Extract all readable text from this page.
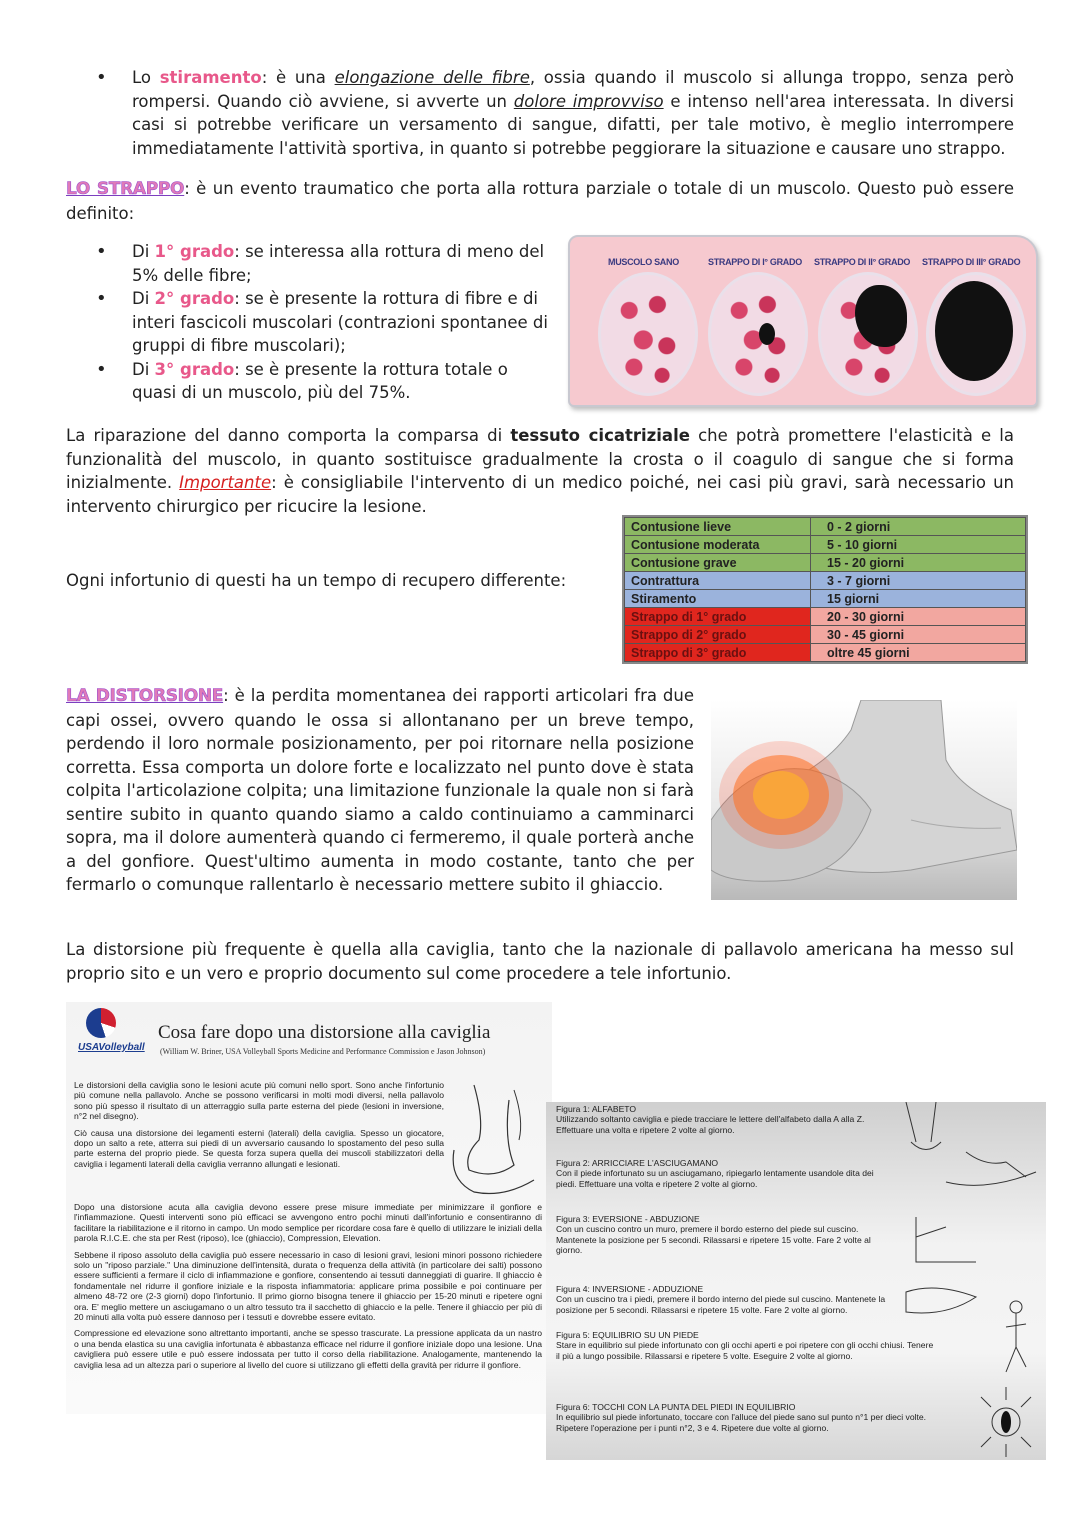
• Lo stiramento: è una elongazione delle fibre, ossia quando il muscolo si allunga troppo, senza però rompersi. Quando ciò avviene, si avverte un dolore improvviso e intenso nell'area interessata. In diversi casi si potrebbe verificare un versamento di sangue, difatti, per tale motivo, è meglio interrompere immediatamente l'attività sportiva, in quanto si potrebbe peggiorare la situazione e causare uno strappo.
LO STRAPPO: è un evento traumatico che porta alla rottura parziale o totale di un muscolo. Questo può essere definito:
• Di 1° grado: se interessa alla rottura di meno del 5% delle fibre;
• Di 2° grado: se è presente la rottura di fibre e di interi fascicoli muscolari (contrazioni spontanee di gruppi di fibre muscolari);
• Di 3° grado: se è presente la rottura totale o quasi di un muscolo, più del 75%.
MUSCOLO SANO	STRAPPO DI I° GRADO STRAPPO DI II° GRADO STRAPPO DI III° GRADO
La riparazione del danno comporta la comparsa di tessuto cicatriziale che potrà promettere l'elasticità e la funzionalità del muscolo, in quanto sostituisce gradualmente la crosta o il coagulo di sangue che si forma inizialmente. Importante: è consigliabile l'intervento di un medico poiché, nei casi più gravi, sarà necessario un intervento chirurgico per ricucire la lesione.
Ogni infortunio di questi ha un tempo di recupero differente:
Contusione lieve	0 - 2 giorni
Contusione moderata	5 - 10 giorni
Contusione grave	15 - 20 giorni
Contrattura	3 - 7 giorni
Stiramento	15 giorni
Strappo di 1° grado	20 - 30 giorni
Strappo di 2° grado	30 - 45 giorni
Strappo di 3° grado	oltre 45 giorni
LA DISTORSIONE: è la perdita momentanea dei rapporti articolari fra due capi ossei, ovvero quando le ossa si allontanano per un breve tempo, perdendo il loro normale posizionamento, per poi ritornare nella posizione corretta. Essa comporta un dolore forte e localizzato nel punto dove è stata colpita l'articolazione colpita; una limitazione funzionale la quale non si farà sentire subito in quanto quando siamo a caldo continuiamo a camminarci sopra, ma il dolore aumenterà quando ci fermeremo, il quale porterà anche a del gonfiore. Quest'ultimo aumenta in modo costante, tanto che per fermarlo o comunque rallentarlo è necessario mettere subito il ghiaccio.
La distorsione più frequente è quella alla caviglia, tanto che la nazionale di pallavolo americana ha messo sul proprio sito e un vero e proprio documento sul come procedere a tele infortunio.
USAVolleyball
Cosa fare dopo una distorsione alla caviglia
(William W. Briner, USA Volleyball Sports Medicine and Performance Commission e Jason Johnson)

Le distorsioni della caviglia sono le lesioni acute più comuni nello sport. Sono anche l'infortunio più comune nella pallavolo. Anche se possono verificarsi in molti modi diversi, nella pallavolo sono più spesso il risultato di un atterraggio sulla parte esterna del piede (lesioni in inversione, n°2 nel disegno).

Ciò causa una distorsione dei legamenti esterni (laterali) della caviglia. Spesso un giocatore, dopo un salto a rete, atterra sui piedi di un avversario causando lo spostamento del peso sulla parte esterna del proprio piede. Se questa forza supera quella dei muscoli stabilizzatori della caviglia i legamenti laterali della caviglia verranno allungati e lesionati.

Dopo una distorsione acuta alla caviglia devono essere prese misure immediate per minimizzare il gonfiore e l'infiammazione. Questi interventi sono più efficaci se avvengono entro pochi minuti dall'infortunio e consentiranno di facilitare la riabilitazione e il ritorno in campo. Un modo semplice per ricordare cosa fare è quello di utilizzare le iniziali della parola R.I.C.E. che sta per Rest (riposo), Ice (ghiaccio), Compression, Elevation.

Sebbene il riposo assoluto della caviglia può essere necessario in caso di lesioni gravi, lesioni minori possono richiedere solo un "riposo parziale." Una diminuzione dell'intensità, durata o frequenza della attività (in particolare dei salti) possono essere sufficienti a fermare il ciclo di infiammazione e gonfiore, consentendo ai tessuti danneggiati di guarire. Il ghiaccio è fondamentale nel ridurre il gonfiore iniziale e la risposta infiammatoria: applicare prima possibile e poi continuare per almeno 48-72 ore (2-3 giorni) dopo l'infortunio. Il primo giorno bisogna tenere il ghiaccio per 15-20 minuti e ripetere ogni ora. E' meglio mettere un asciugamano o un altro tessuto tra il sacchetto di ghiaccio e la pelle. Tenere il ghiaccio per più di 20 minuti alla volta può essere dannoso per i tessuti e dovrebbe essere evitato.

Compressione ed elevazione sono altrettanto importanti, anche se spesso trascurate. La pressione applicata da un nastro o una benda elastica su una caviglia infortunata è abbastanza efficace nel ridurre il gonfiore iniziale dopo una lesione. Una cavigliera può essere utile e può essere indossata per tutto il corso della riabilitazione. Analogamente, mantenendo la caviglia lesa ad un altezza pari o superiore al livello del cuore si utilizzano gli effetti della gravità per ridurre il gonfiore.

Figura 1: ALFABETO
Utilizzando soltanto caviglia e piede tracciare le lettere dell'alfabeto dalla A alla Z. Effettuare una volta e ripetere 2 volte al giorno.
Figura 2: ARRICCIARE L'ASCIUGAMANO
Con il piede infortunato su un asciugamano, ripiegarlo lentamente usandole dita dei piedi. Effettuare una volta e ripetere 2 volte al giorno.
Figura 3: EVERSIONE - ABDUZIONE
Con un cuscino contro un muro, premere il bordo esterno del piede sul cuscino. Mantenete la posizione per 5 secondi. Rilassarsi e ripetere 15 volte. Fare 2 volte al giorno.
Figura 4: INVERSIONE - ADDUZIONE
Con un cuscino tra i piedi, premere il bordo interno del piede sul cuscino. Mantenete la posizione per 5 secondi. Rilassarsi e ripetere 15 volte. Fare 2 volte al giorno.
Figura 5: EQUILIBRIO SU UN PIEDE
Stare in equilibrio sul piede infortunato con gli occhi aperti e poi ripetere con gli occhi chiusi. Tenere il più a lungo possibile. Rilassarsi e ripetere 5 volte. Eseguire 2 volte al giorno.
Figura 6: TOCCHI CON LA PUNTA DEL PIEDI IN EQUILIBRIO
In equilibrio sul piede infortunato, toccare con l'alluce del piede sano sul punto n°1 per dieci volte. Ripetere l'operazione per i punti n°2, 3 e 4. Ripetere due volte al giorno.
